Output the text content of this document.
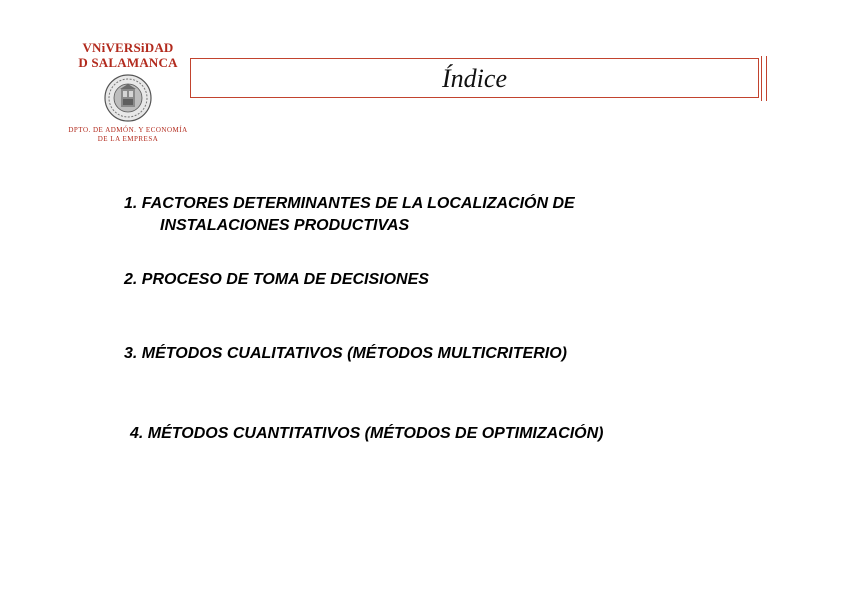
VNiVERSiDAD
D SALAMANCA
DPTO. DE ADMÓN. Y ECONOMÍA
DE LA EMPRESA
Índice
1. FACTORES DETERMINANTES DE LA LOCALIZACIÓN DE
INSTALACIONES PRODUCTIVAS
2. PROCESO DE TOMA DE DECISIONES
3. MÉTODOS CUALITATIVOS (MÉTODOS MULTICRITERIO)
4. MÉTODOS CUANTITATIVOS (MÉTODOS DE OPTIMIZACIÓN)
